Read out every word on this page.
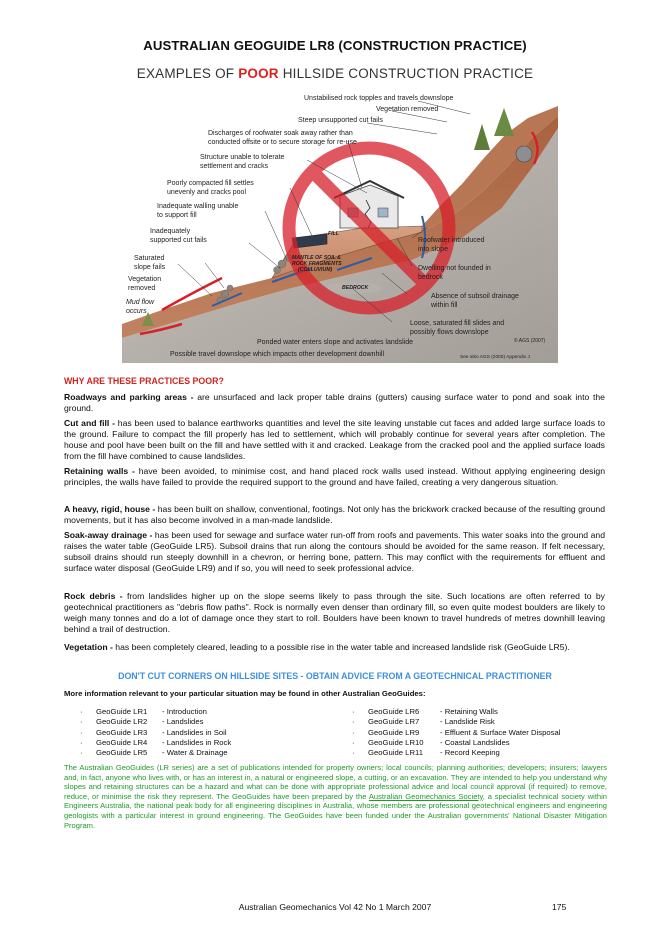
AUSTRALIAN GEOGUIDE LR8 (CONSTRUCTION PRACTICE)
EXAMPLES OF POOR HILLSIDE CONSTRUCTION PRACTICE
Unstabilised rock topples and travels downslope
Vegetation removed
Steep unsupported cut fails
Discharges of roofwater soak away rather than
conducted offsite or to secure storage for re-use
Structure unable to tolerate
settlement and cracks
Poorly compacted fill settles
unevenly and cracks pool
Inadequate walling unable
to support fill
Inadequately
supported cut fails
Saturated
slope fails
Vegetation
removed
Mud flow
occurs
Roofwater introduced
into slope
Dwelling not founded in
bedrock
Absence of subsoil drainage
within fill
Loose, saturated fill slides and
possibly flows downslope
Ponded water enters slope and activates landslide
Possible travel downslope which impacts other development downhill
FILL
MANTLE OF SOIL &
ROCK FRAGMENTS
(COLLUVIUM)
BEDROCK
© AGS (2007)
See also AGS (2000) Appendix J
WHY ARE THESE PRACTICES POOR?
Roadways and parking areas - are unsurfaced and lack proper table drains (gutters) causing surface water to pond and soak into the ground.
Cut and fill - has been used to balance earthworks quantities and level the site leaving unstable cut faces and added large surface loads to the ground. Failure to compact the fill properly has led to settlement, which will probably continue for several years after completion. The house and pool have been built on the fill and have settled with it and cracked. Leakage from the cracked pool and the applied surface loads from the fill have combined to cause landslides.
Retaining walls - have been avoided, to minimise cost, and hand placed rock walls used instead. Without applying engineering design principles, the walls have failed to provide the required support to the ground and have failed, creating a very dangerous situation.
A heavy, rigid, house - has been built on shallow, conventional, footings. Not only has the brickwork cracked because of the resulting ground movements, but it has also become involved in a man-made landslide.
Soak-away drainage - has been used for sewage and surface water run-off from roofs and pavements. This water soaks into the ground and raises the water table (GeoGuide LR5). Subsoil drains that run along the contours should be avoided for the same reason. If felt necessary, subsoil drains should run steeply downhill in a chevron, or herring bone, pattern. This may conflict with the requirements for effluent and surface water disposal (GeoGuide LR9) and if so, you will need to seek professional advice.
Rock debris - from landslides higher up on the slope seems likely to pass through the site. Such locations are often referred to by geotechnical practitioners as "debris flow paths". Rock is normally even denser than ordinary fill, so even quite modest boulders are likely to weigh many tonnes and do a lot of damage once they start to roll. Boulders have been known to travel hundreds of metres downhill leaving behind a trail of destruction.
Vegetation - has been completely cleared, leading to a possible rise in the water table and increased landslide risk (GeoGuide LR5).
DON'T CUT CORNERS ON HILLSIDE SITES - OBTAIN ADVICE FROM A GEOTECHNICAL PRACTITIONER
More information relevant to your particular situation may be found in other Australian GeoGuides:
· GeoGuide LR1 - Introduction
· GeoGuide LR2 - Landslides
· GeoGuide LR3 - Landslides in Soil
· GeoGuide LR4 - Landslides in Rock
· GeoGuide LR5 - Water & Drainage
· GeoGuide LR6	- Retaining Walls
· GeoGuide LR7	- Landslide Risk
· GeoGuide LR9	- Effluent & Surface Water Disposal
· GeoGuide LR10 - Coastal Landslides
· GeoGuide LR11 - Record Keeping
The Australian GeoGuides (LR series) are a set of publications intended for property owners; local councils; planning authorities; developers; insurers; lawyers and, in fact, anyone who lives with, or has an interest in, a natural or engineered slope, a cutting, or an excavation. They are intended to help you understand why slopes and retaining structures can be a hazard and what can be done with appropriate professional advice and local council approval (if required) to remove, reduce, or minimise the risk they represent. The GeoGuides have been prepared by the Australian Geomechanics Society, a specialist technical society within Engineers Australia, the national peak body for all engineering disciplines in Australia, whose members are professional geotechnical engineers and engineering geologists with a particular interest in ground engineering. The GeoGuides have been funded under the Australian governments' National Disaster Mitigation Program.
Australian Geomechanics Vol 42 No 1 March 2007	175
